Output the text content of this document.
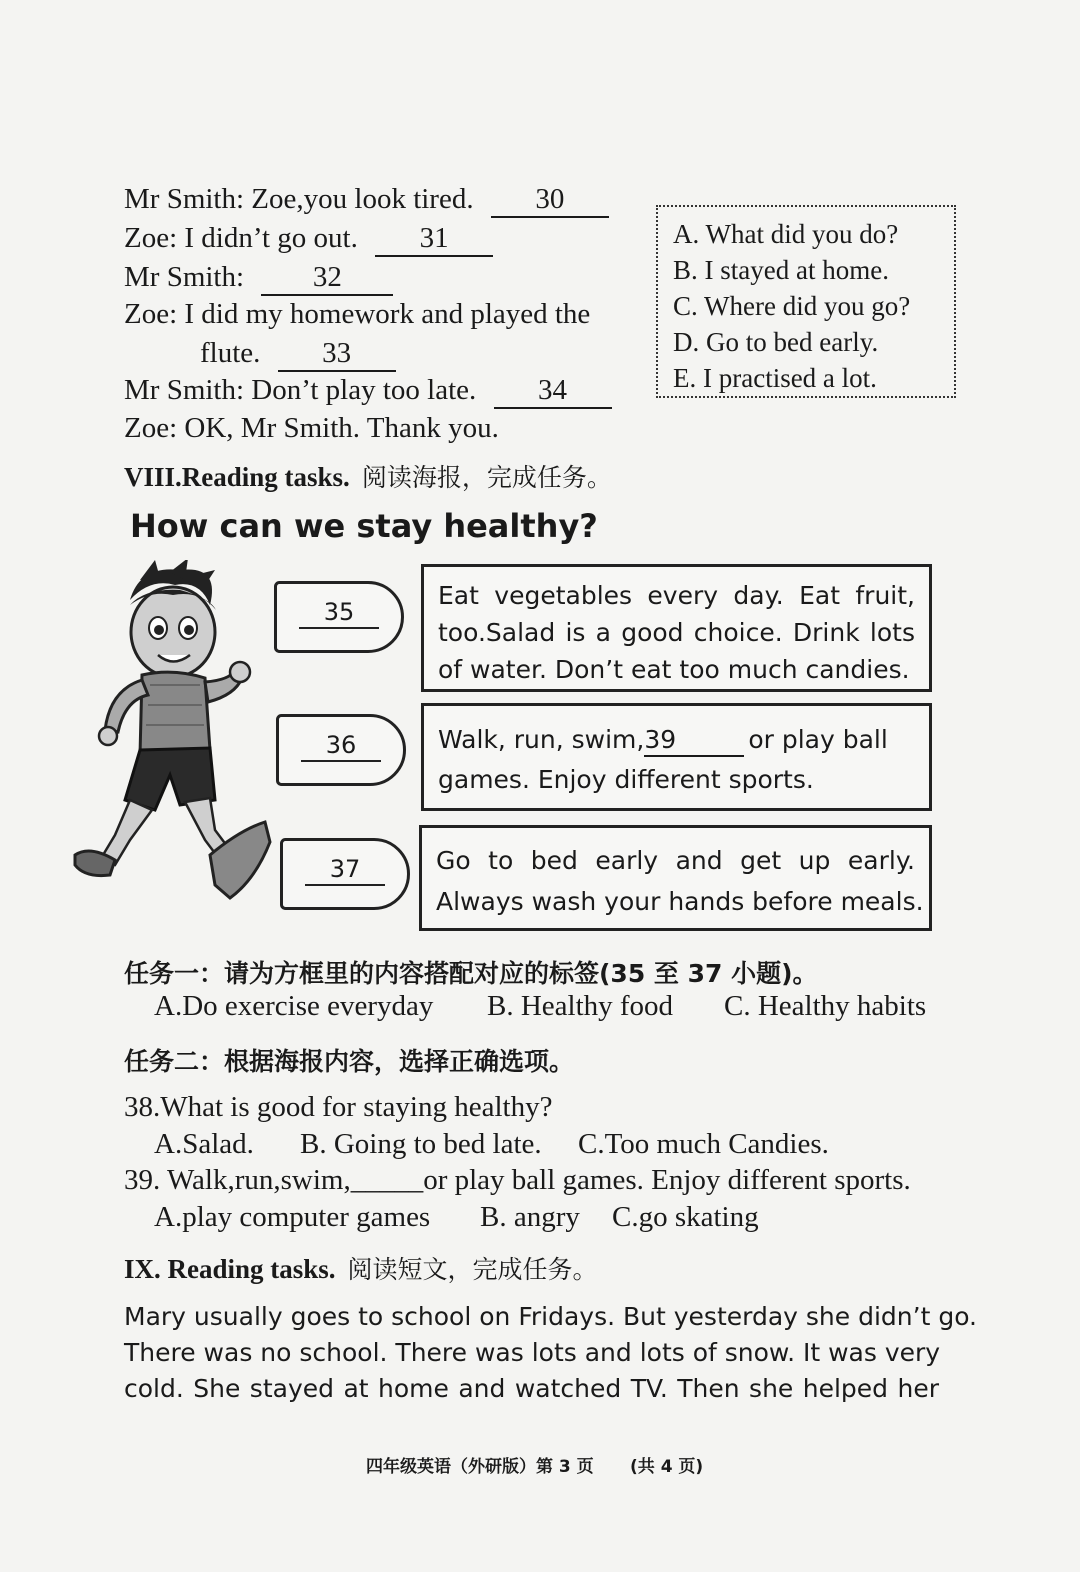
Mr Smith: Zoe,you look tired. 30
Zoe: I didn’t go out. 31
Mr Smith: 32
Zoe: I did my homework and played the
flute. 33
Mr Smith: Don’t play too late. 34
Zoe: OK, Mr Smith. Thank you.
A. What did you do?
B. I stayed at home.
C. Where did you go?
D. Go to bed early.
E. I practised a lot.
VIII.Reading tasks. 阅读海报，完成任务。
How can we stay healthy?
35
36
37
Eat vegetables every day. Eat fruit,
too.Salad is a good choice. Drink lots
of water. Don’t eat too much candies.
Walk, run, swim,39	or play ball
games. Enjoy different sports.
Go to bed early and get up early.
Always wash your hands before meals.
任务一：请为方框里的内容搭配对应的标签(35 至 37 小题)。
A.Do exercise everyday B. Healthy food C. Healthy habits
任务二：根据海报内容，选择正确选项。
38.What is good for staying healthy?
A.Salad. B. Going to bed late. C.Too much Candies.
39. Walk,run,swim,_____or play ball games. Enjoy different sports.
A.play computer games B. angry C.go skating
IX. Reading tasks. 阅读短文，完成任务。
Mary usually goes to school on Fridays. But yesterday she didn’t go.
There was no school. There was lots and lots of snow. It was very
cold. She stayed at home and watched TV. Then she helped her
四年级英语（外研版）第 3 页 (共 4 页)
